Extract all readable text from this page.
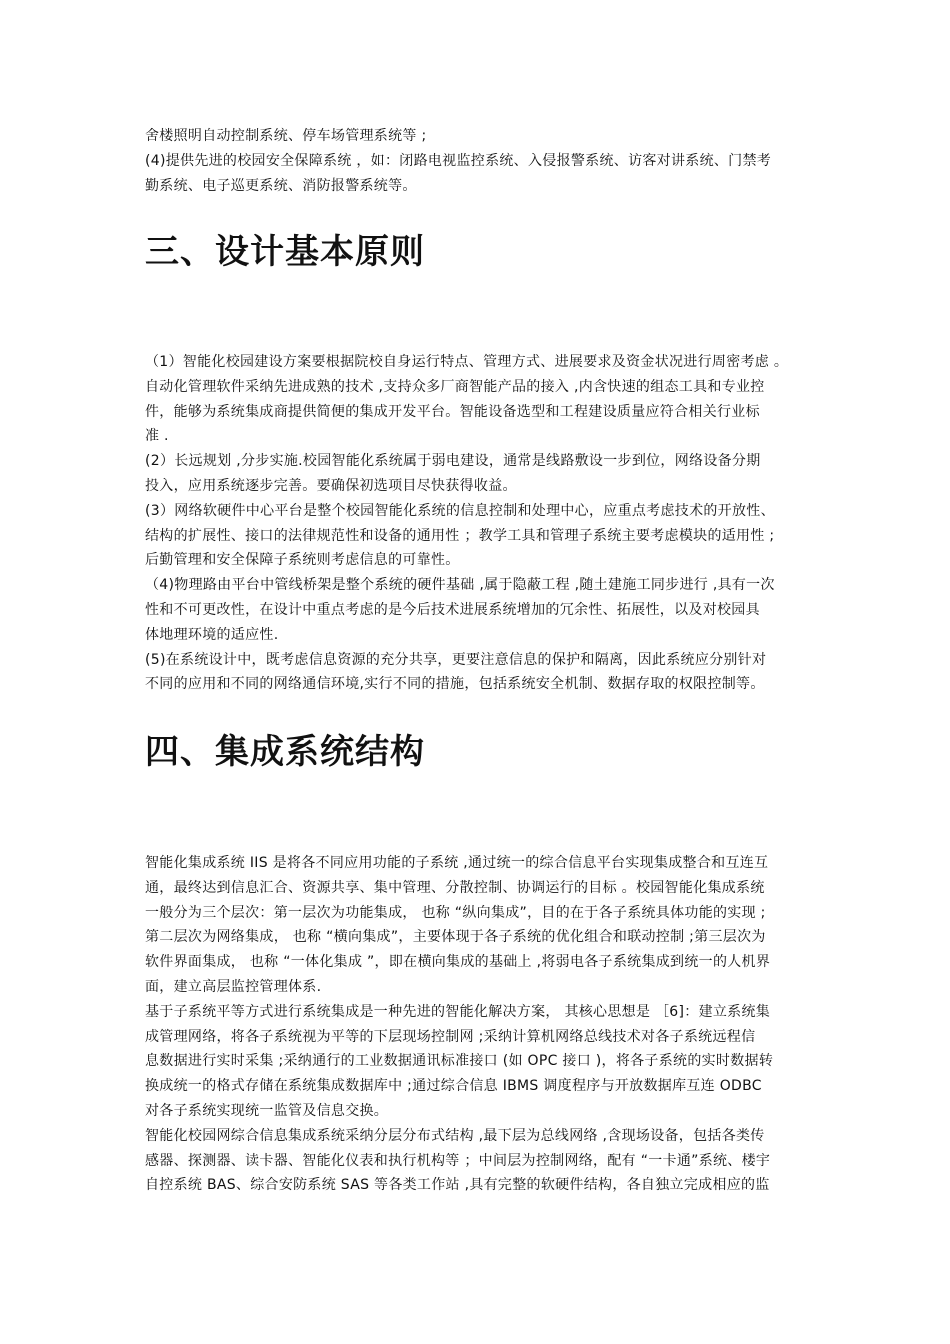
舍楼照明自动控制系统、停车场管理系统等 ;
(4)提供先进的校园安全保障系统 ，如：闭路电视监控系统、入侵报警系统、访客对讲系统、门禁考
勤系统、电子巡更系统、消防报警系统等。
三、设计基本原则
（1）智能化校园建设方案要根据院校自身运行特点、管理方式、进展要求及资金状况进行周密考虑 。
自动化管理软件采纳先进成熟的技术 ,支持众多厂商智能产品的接入 ,内含快速的组态工具和专业控
件，能够为系统集成商提供简便的集成开发平台。智能设备选型和工程建设质量应符合相关行业标
准 .
(2）长远规划 ,分步实施.校园智能化系统属于弱电建设，通常是线路敷设一步到位，网络设备分期
投入，应用系统逐步完善。要确保初选项目尽快获得收益。
(3）网络软硬件中心平台是整个校园智能化系统的信息控制和处理中心，应重点考虑技术的开放性、
结构的扩展性、接口的法律规范性和设备的通用性 ；教学工具和管理子系统主要考虑模块的适用性 ;
后勤管理和安全保障子系统则考虑信息的可靠性。
（4)物理路由平台中管线桥架是整个系统的硬件基础 ,属于隐蔽工程 ,随土建施工同步进行 ,具有一次
性和不可更改性，在设计中重点考虑的是今后技术进展系统增加的冗余性、拓展性，以及对校园具
体地理环境的适应性.
(5)在系统设计中，既考虑信息资源的充分共享，更要注意信息的保护和隔离，因此系统应分别针对
不同的应用和不同的网络通信环境,实行不同的措施，包括系统安全机制、数据存取的权限控制等。
四、集成系统结构
智能化集成系统 IIS 是将各不同应用功能的子系统 ,通过统一的综合信息平台实现集成整合和互连互
通，最终达到信息汇合、资源共享、集中管理、分散控制、协调运行的目标 。校园智能化集成系统
一般分为三个层次：第一层次为功能集成， 也称 “纵向集成”，目的在于各子系统具体功能的实现 ;
第二层次为网络集成， 也称 “横向集成”，主要体现于各子系统的优化组合和联动控制 ;第三层次为
软件界面集成， 也称 “一体化集成 ”，即在横向集成的基础上 ,将弱电各子系统集成到统一的人机界
面，建立高层监控管理体系.
基于子系统平等方式进行系统集成是一种先进的智能化解决方案， 其核心思想是 ［6]：建立系统集
成管理网络，将各子系统视为平等的下层现场控制网 ;采纳计算机网络总线技术对各子系统远程信
息数据进行实时采集 ;采纳通行的工业数据通讯标准接口 (如 OPC 接口 )，将各子系统的实时数据转
换成统一的格式存储在系统集成数据库中 ;通过综合信息 IBMS 调度程序与开放数据库互连 ODBC
对各子系统实现统一监管及信息交换。
智能化校园网综合信息集成系统采纳分层分布式结构 ,最下层为总线网络 ,含现场设备，包括各类传
感器、探测器、读卡器、智能化仪表和执行机构等 ；中间层为控制网络，配有 “一卡通”系统、楼宇
自控系统 BAS、综合安防系统 SAS 等各类工作站 ,具有完整的软硬件结构，各自独立完成相应的监
